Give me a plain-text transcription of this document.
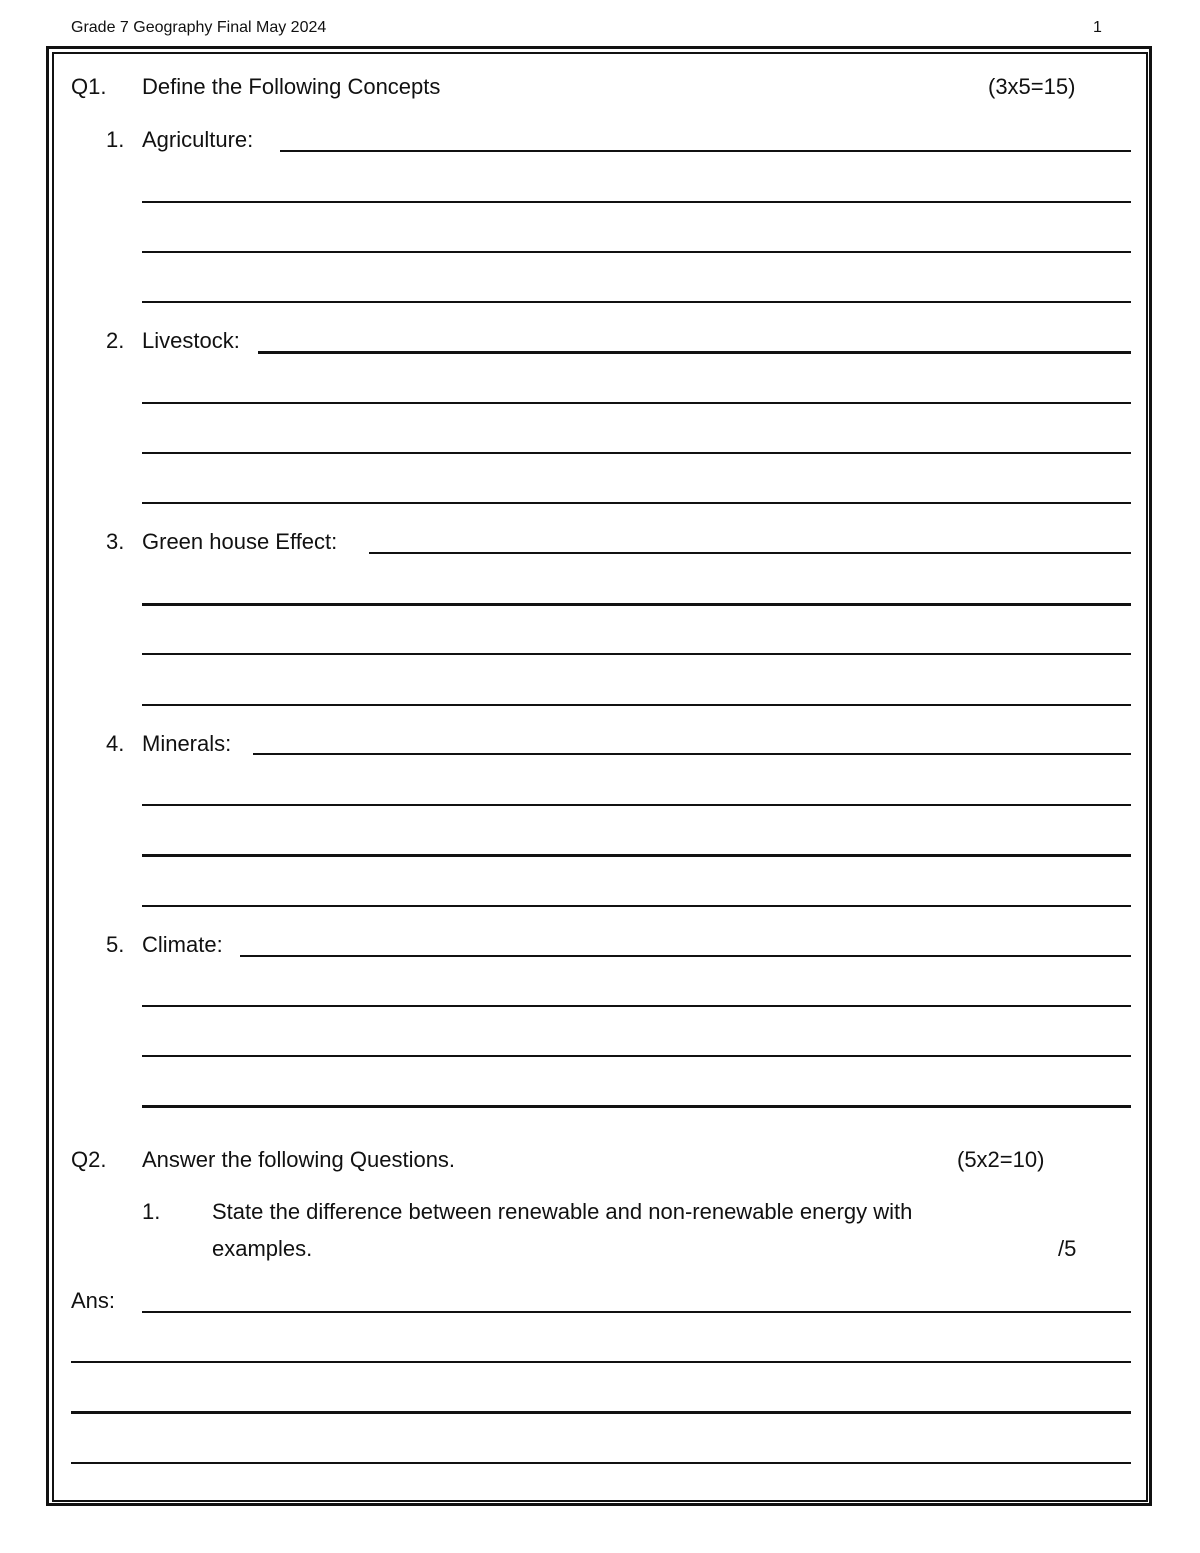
Grade 7 Geography Final May 2024	1
Q1. Define the Following Concepts	(3x5=15)
1. Agriculture:
2. Livestock:
3. Green house Effect:
4. Minerals:
5. Climate:
Q2. Answer the following Questions.	(5x2=10)
1. State the difference between renewable and non-renewable energy with
examples.	/5
Ans:
